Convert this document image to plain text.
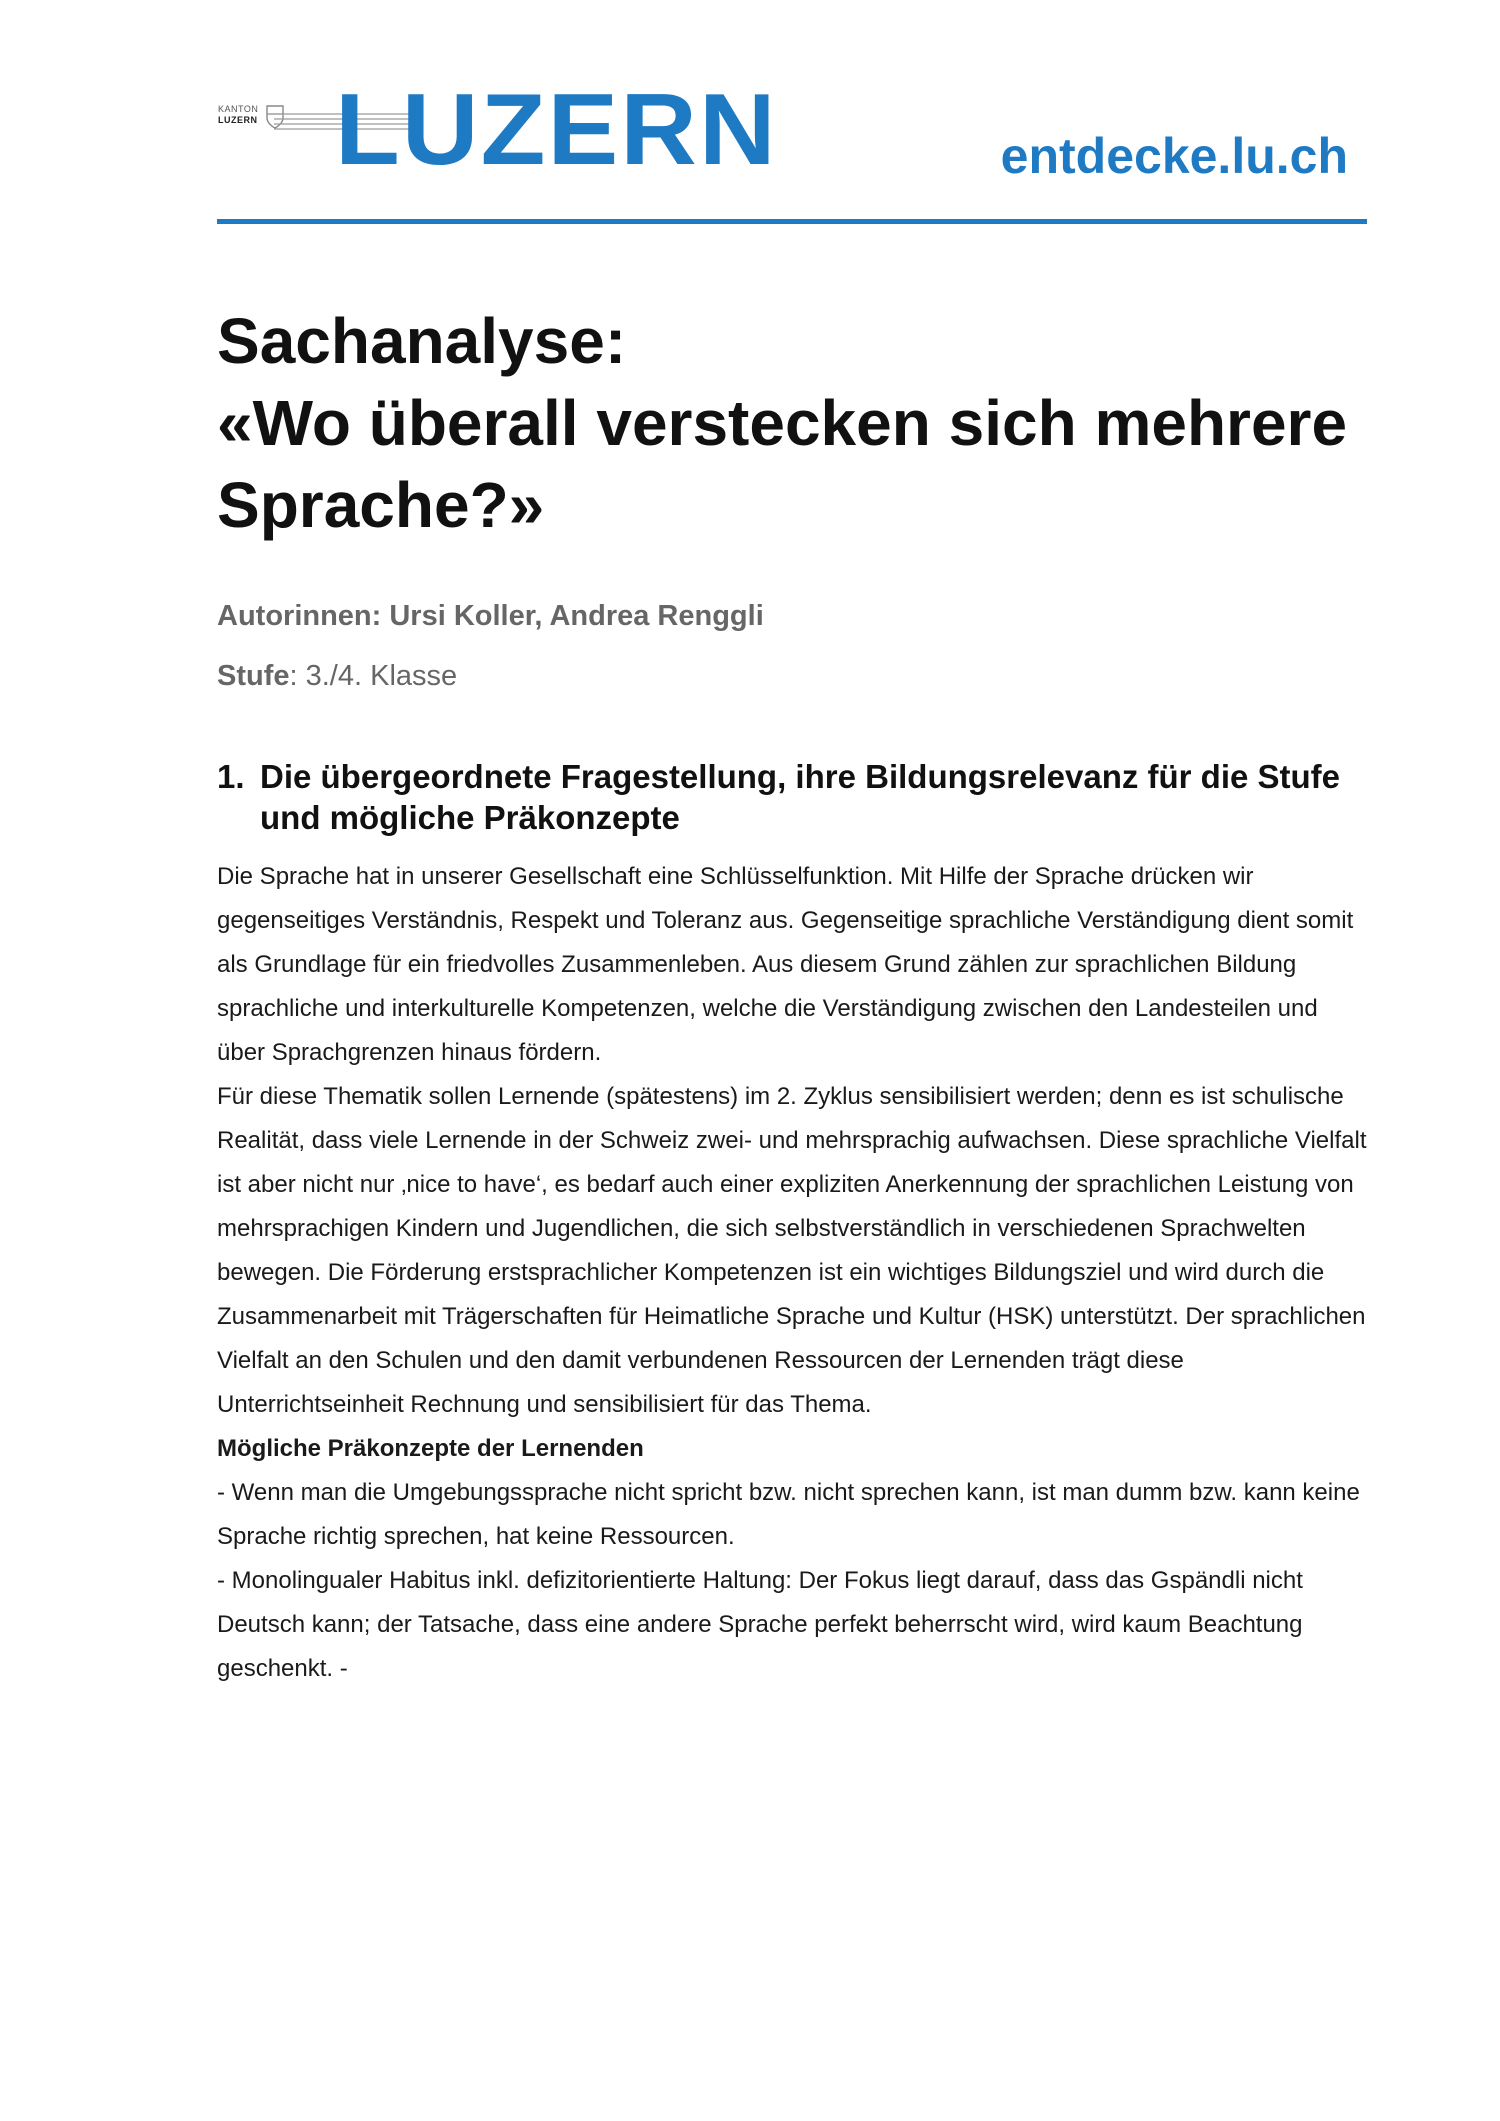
KANTON
LUZERN LUZERN	entdecke.lu.ch
Sachanalyse:
«Wo überall verstecken sich mehrere
Sprache?»
Autorinnen: Ursi Koller, Andrea Renggli
Stufe: 3./4. Klasse
1. Die übergeordnete Fragestellung, ihre Bildungsrelevanz für die Stufe und mögliche Präkonzepte

Die Sprache hat in unserer Gesellschaft eine Schlüsselfunktion. Mit Hilfe der Sprache drücken wir gegenseitiges Verständnis, Respekt und Toleranz aus. Gegenseitige sprachliche Verständigung dient somit als Grundlage für ein friedvolles Zusammenleben. Aus diesem Grund zählen zur sprachlichen Bildung sprachliche und interkulturelle Kompetenzen, welche die Verständigung zwischen den Landesteilen und über Sprachgrenzen hinaus fördern.

Für diese Thematik sollen Lernende (spätestens) im 2. Zyklus sensibilisiert werden; denn es ist schulische Realität, dass viele Lernende in der Schweiz zwei- und mehrsprachig aufwachsen. Diese sprachliche Vielfalt ist aber nicht nur ‚nice to have‘, es bedarf auch einer expliziten Anerkennung der sprachlichen Leistung von mehrsprachigen Kindern und Jugendlichen, die sich selbstverständlich in verschiedenen Sprachwelten bewegen. Die Förderung erstsprachlicher Kompetenzen ist ein wichtiges Bildungsziel und wird durch die Zusammenarbeit mit Trägerschaften für Heimatliche Sprache und Kultur (HSK) unterstützt. Der sprachlichen Vielfalt an den Schulen und den damit verbundenen Ressourcen der Lernenden trägt diese Unterrichtseinheit Rechnung und sensibilisiert für das Thema.

Mögliche Präkonzepte der Lernenden

- Wenn man die Umgebungssprache nicht spricht bzw. nicht sprechen kann, ist man dumm bzw. kann keine Sprache richtig sprechen, hat keine Ressourcen.

- Monolingualer Habitus inkl. defizitorientierte Haltung: Der Fokus liegt darauf, dass das Gspändli nicht Deutsch kann; der Tatsache, dass eine andere Sprache perfekt beherrscht wird, wird kaum Beachtung geschenkt. -
